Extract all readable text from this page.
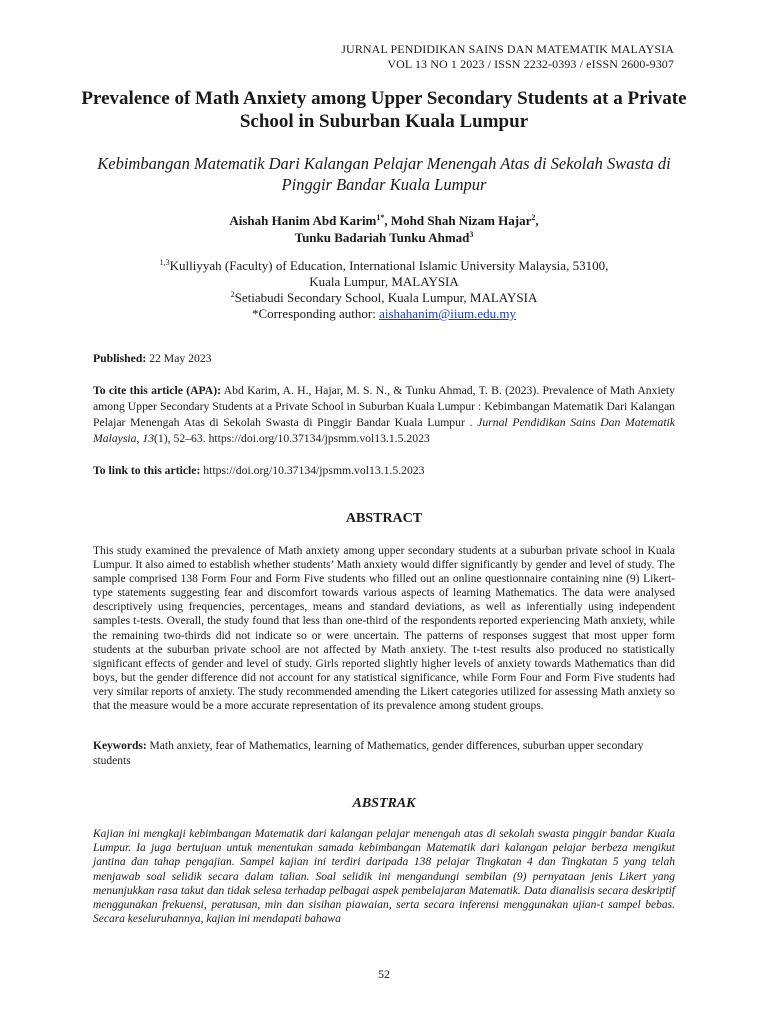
JURNAL PENDIDIKAN SAINS DAN MATEMATIK MALAYSIA
VOL 13 NO 1 2023 / ISSN 2232-0393 / eISSN 2600-9307
Prevalence of Math Anxiety among Upper Secondary Students at a Private School in Suburban Kuala Lumpur
Kebimbangan Matematik Dari Kalangan Pelajar Menengah Atas di Sekolah Swasta di Pinggir Bandar Kuala Lumpur
Aishah Hanim Abd Karim$^{1*}$, Mohd Shah Nizam Hajar$^2$,
Tunku Badariah Tunku Ahmad$^3$
$^{1,3}$Kulliyyah (Faculty) of Education, International Islamic University Malaysia, 53100,
Kuala Lumpur, MALAYSIA
$^2$Setiabudi Secondary School, Kuala Lumpur, MALAYSIA
*Corresponding author: aishahanim@iium.edu.my
Published: 22 May 2023
To cite this article (APA): Abd Karim, A. H., Hajar, M. S. N., & Tunku Ahmad, T. B. (2023). Prevalence of Math Anxiety among Upper Secondary Students at a Private School in Suburban Kuala Lumpur : Kebimbangan Matematik Dari Kalangan Pelajar Menengah Atas di Sekolah Swasta di Pinggir Bandar Kuala Lumpur . Jurnal Pendidikan Sains Dan Matematik Malaysia, 13(1), 52–63. https://doi.org/10.37134/jpsmm.vol13.1.5.2023
To link to this article: https://doi.org/10.37134/jpsmm.vol13.1.5.2023
ABSTRACT
This study examined the prevalence of Math anxiety among upper secondary students at a suburban private school in Kuala Lumpur. It also aimed to establish whether students’ Math anxiety would differ significantly by gender and level of study. The sample comprised 138 Form Four and Form Five students who filled out an online questionnaire containing nine (9) Likert-type statements suggesting fear and discomfort towards various aspects of learning Mathematics. The data were analysed descriptively using frequencies, percentages, means and standard deviations, as well as inferentially using independent samples t-tests. Overall, the study found that less than one-third of the respondents reported experiencing Math anxiety, while the remaining two-thirds did not indicate so or were uncertain. The patterns of responses suggest that most upper form students at the suburban private school are not affected by Math anxiety. The t-test results also produced no statistically significant effects of gender and level of study. Girls reported slightly higher levels of anxiety towards Mathematics than did boys, but the gender difference did not account for any statistical significance, while Form Four and Form Five students had very similar reports of anxiety. The study recommended amending the Likert categories utilized for assessing Math anxiety so that the measure would be a more accurate representation of its prevalence among student groups.
Keywords: Math anxiety, fear of Mathematics, learning of Mathematics, gender differences, suburban upper secondary students
ABSTRAK
Kajian ini mengkaji kebimbangan Matematik dari kalangan pelajar menengah atas di sekolah swasta pinggir bandar Kuala Lumpur. Ia juga bertujuan untuk menentukan samada kebimbangan Matematik dari kalangan pelajar berbeza mengikut jantina dan tahap pengajian. Sampel kajian ini terdiri daripada 138 pelajar Tingkatan 4 dan Tingkatan 5 yang telah menjawab soal selidik secara dalam talian. Soal selidik ini mengandungi sembilan (9) pernyataan jenis Likert yang menunjukkan rasa takut dan tidak selesa terhadap pelbagai aspek pembelajaran Matematik. Data dianalisis secara deskriptif menggunakan frekuensi, peratusan, min dan sisihan piawaian, serta secara inferensi menggunakan ujian-t sampel bebas. Secara keseluruhannya, kajian ini mendapati bahawa
52
